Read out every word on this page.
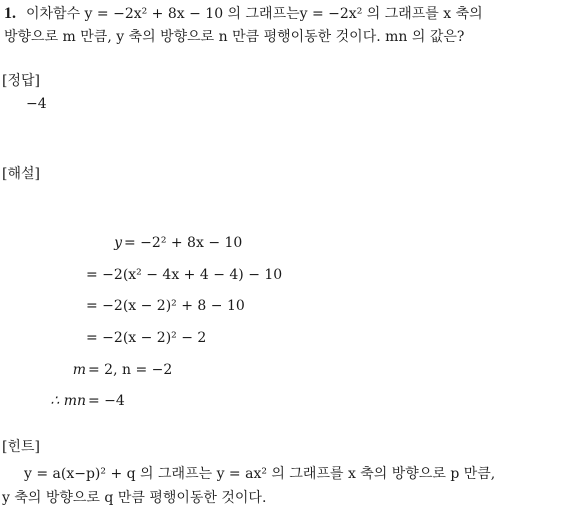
1. 이차함수 y = −2x² + 8x − 10 의 그래프는y = −2x² 의 그래프를 x 축의
방향으로 m 만큼, y 축의 방향으로 n 만큼 평행이동한 것이다. mn 의 값은?
[정답]
−4
[해설]
y = −2² + 8x − 10
= −2(x² − 4x + 4 − 4) − 10
= −2(x − 2)² + 8 − 10
= −2(x − 2)² − 2
m = 2, n = −2
∴ mn = −4
[힌트]
y = a(x−p)² + q 의 그래프는 y = ax² 의 그래프를 x 축의 방향으로 p 만큼,
y 축의 방향으로 q 만큼 평행이동한 것이다.
